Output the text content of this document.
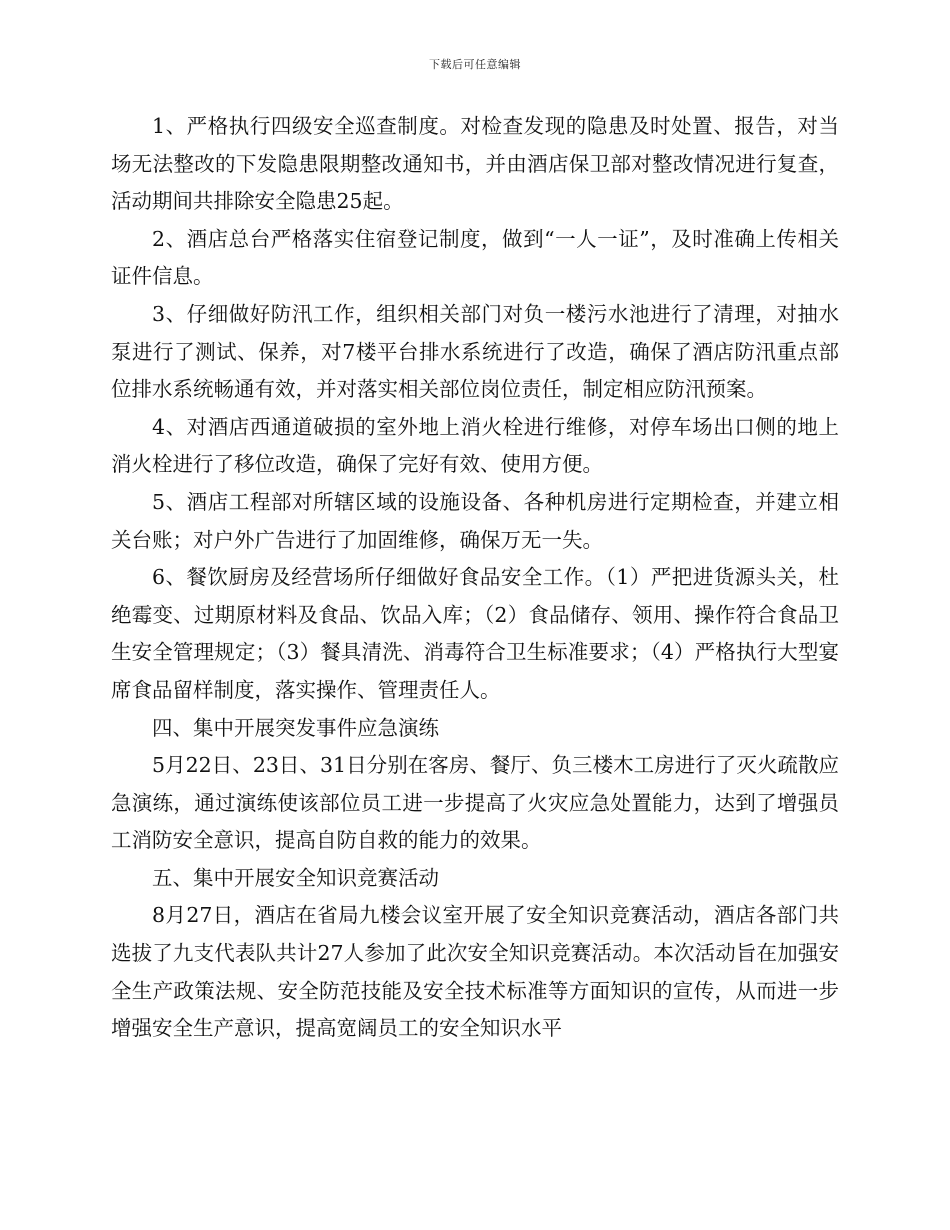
下载后可任意编辑

1、严格执行四级安全巡查制度。对检查发现的隐患及时处置、报告，对当场无法整改的下发隐患限期整改通知书，并由酒店保卫部对整改情况进行复查，活动期间共排除安全隐患25起。

2、酒店总台严格落实住宿登记制度，做到“一人一证”，及时准确上传相关证件信息。

3、仔细做好防汛工作，组织相关部门对负一楼污水池进行了清理，对抽水泵进行了测试、保养，对7楼平台排水系统进行了改造，确保了酒店防汛重点部位排水系统畅通有效，并对落实相关部位岗位责任，制定相应防汛预案。

4、对酒店西通道破损的室外地上消火栓进行维修，对停车场出口侧的地上消火栓进行了移位改造，确保了完好有效、使用方便。

5、酒店工程部对所辖区域的设施设备、各种机房进行定期检查，并建立相关台账；对户外广告进行了加固维修，确保万无一失。

6、餐饮厨房及经营场所仔细做好食品安全工作。（1）严把进货源头关，杜绝霉变、过期原材料及食品、饮品入库；（2）食品储存、领用、操作符合食品卫生安全管理规定；（3）餐具清洗、消毒符合卫生标准要求；（4）严格执行大型宴席食品留样制度，落实操作、管理责任人。

四、集中开展突发事件应急演练

5月22日、23日、31日分别在客房、餐厅、负三楼木工房进行了灭火疏散应急演练，通过演练使该部位员工进一步提高了火灾应急处置能力，达到了增强员工消防安全意识，提高自防自救的能力的效果。

五、集中开展安全知识竞赛活动

8月27日，酒店在省局九楼会议室开展了安全知识竞赛活动，酒店各部门共选拔了九支代表队共计27人参加了此次安全知识竞赛活动。本次活动旨在加强安全生产政策法规、安全防范技能及安全技术标准等方面知识的宣传，从而进一步增强安全生产意识，提高宽阔员工的安全知识水平
